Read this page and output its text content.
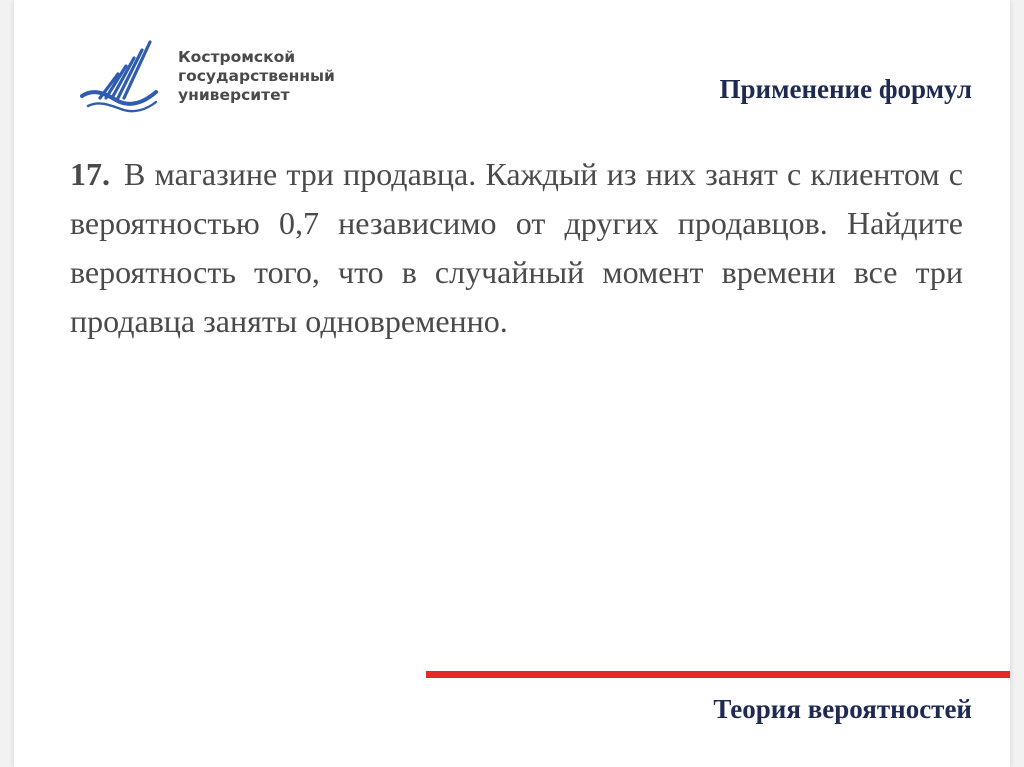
Костромской
государственный
университет	Применение формул

17. В магазине три продавца. Каждый из них занят с клиентом с вероятностью 0,7 независимо от других продавцов. Найдите вероятность того, что в случайный момент времени все три продавца заняты одновременно.

Теория вероятностей
